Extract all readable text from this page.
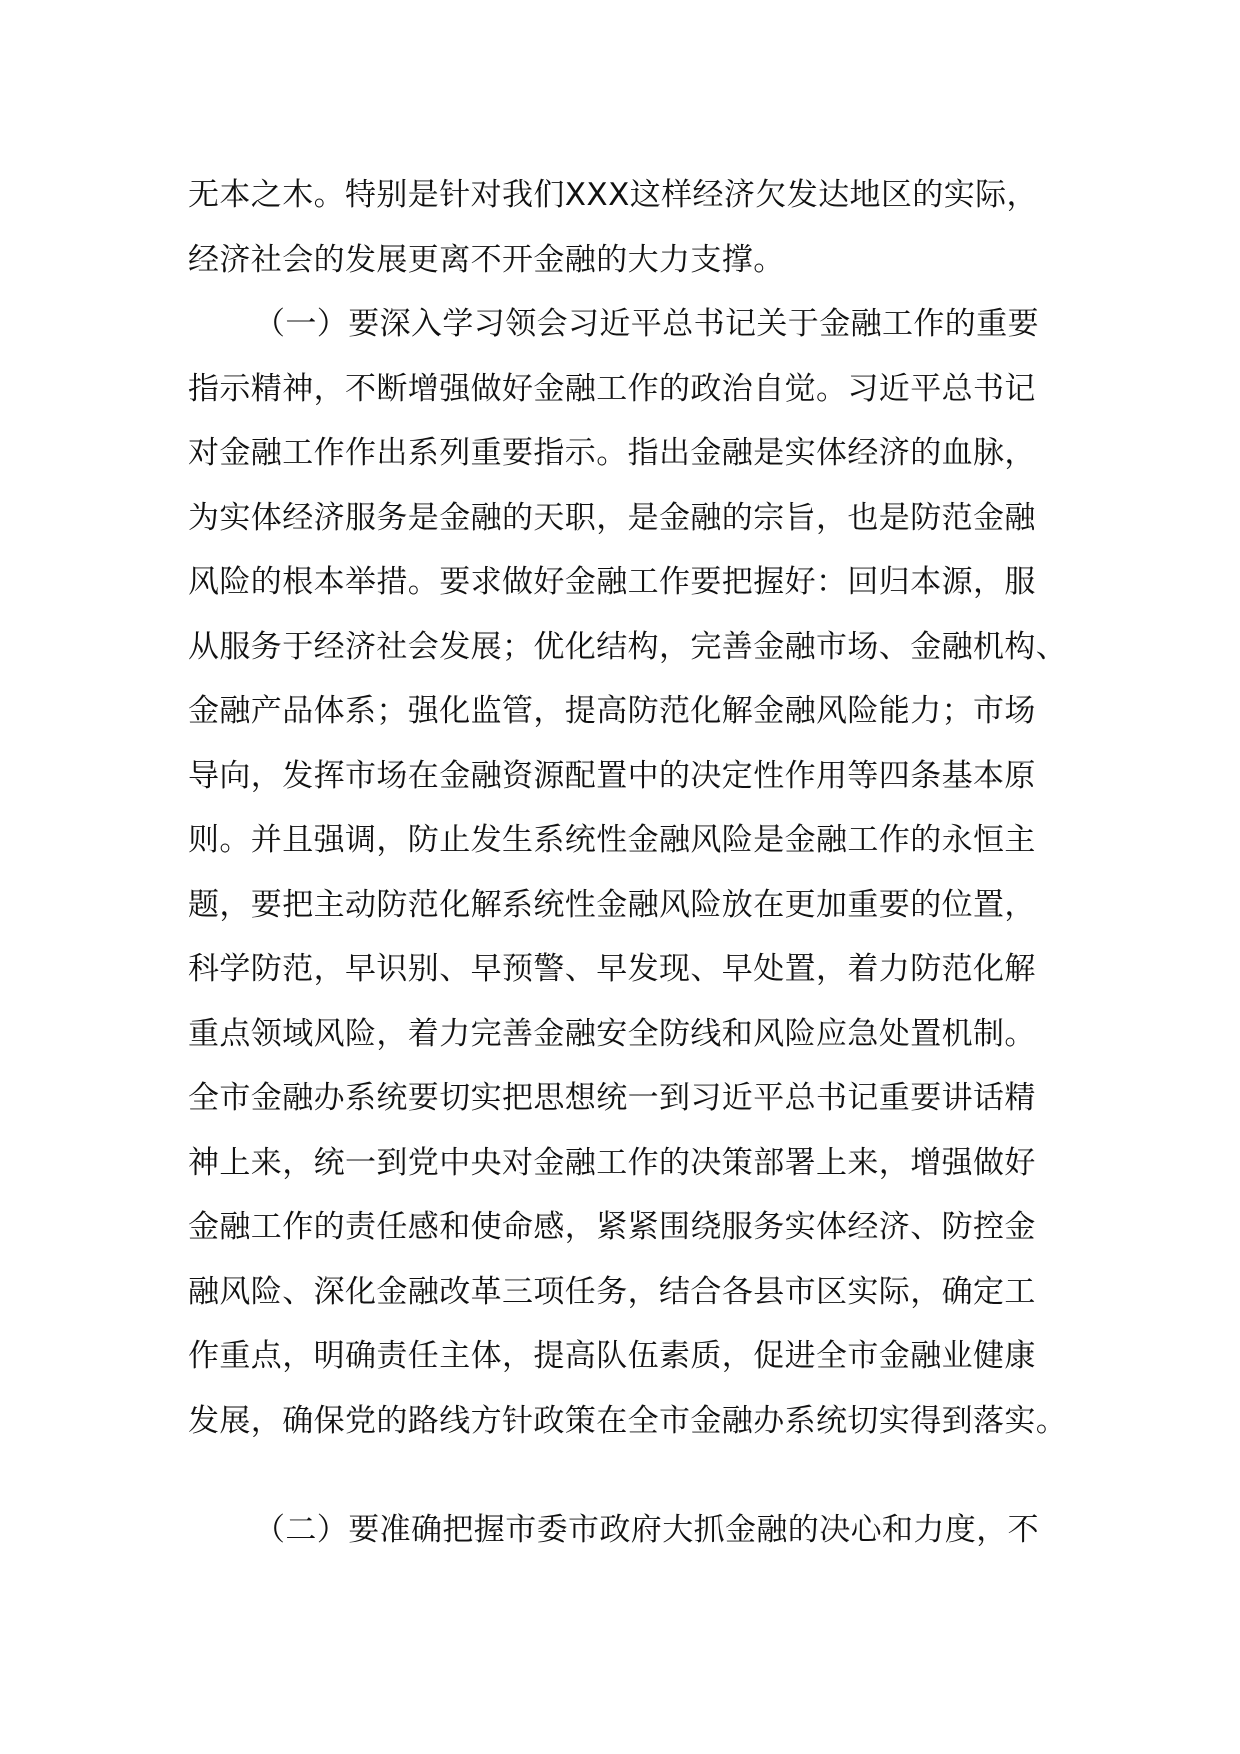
无本之木。特别是针对我们XXX这样经济欠发达地区的实际，
经济社会的发展更离不开金融的大力支撑。
（一）要深入学习领会习近平总书记关于金融工作的重要
指示精神，不断增强做好金融工作的政治自觉。习近平总书记
对金融工作作出系列重要指示。指出金融是实体经济的血脉，
为实体经济服务是金融的天职，是金融的宗旨，也是防范金融
风险的根本举措。要求做好金融工作要把握好：回归本源，服
从服务于经济社会发展；优化结构，完善金融市场、金融机构、
金融产品体系；强化监管，提高防范化解金融风险能力；市场
导向，发挥市场在金融资源配置中的决定性作用等四条基本原
则。并且强调，防止发生系统性金融风险是金融工作的永恒主
题，要把主动防范化解系统性金融风险放在更加重要的位置，
科学防范，早识别、早预警、早发现、早处置，着力防范化解
重点领域风险，着力完善金融安全防线和风险应急处置机制。
全市金融办系统要切实把思想统一到习近平总书记重要讲话精
神上来，统一到党中央对金融工作的决策部署上来，增强做好
金融工作的责任感和使命感，紧紧围绕服务实体经济、防控金
融风险、深化金融改革三项任务，结合各县市区实际，确定工
作重点，明确责任主体，提高队伍素质，促进全市金融业健康
发展，确保党的路线方针政策在全市金融办系统切实得到落实。
（二）要准确把握市委市政府大抓金融的决心和力度，不
